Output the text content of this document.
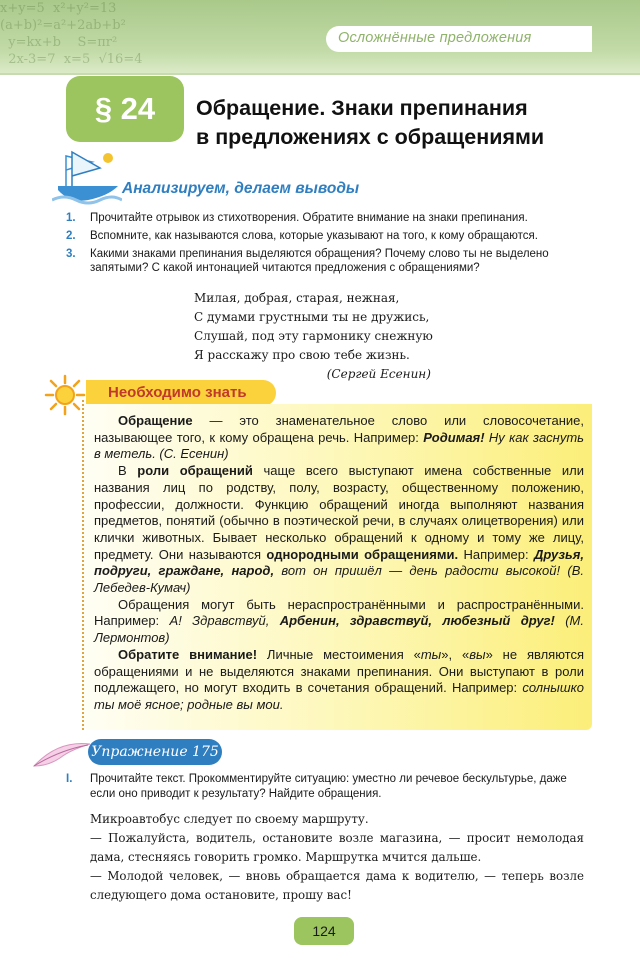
x+y=5  x²+y²=13
(a+b)²=a²+2ab+b²
y=kx+b    S=πr²
2x-3=7  x=5  √16=4
Осложнённые предложения
§ 24	Обращение. Знаки препинания
в предложениях с обращениями
Анализируем, делаем выводы
1. Прочитайте отрывок из стихотворения. Обратите внимание на знаки препинания.
2. Вспомните, как называются слова, которые указывают на того, к кому обращаются.
3. Какими знаками препинания выделяются обращения? Почему слово ты не выделено запятыми? С какой интонацией читаются предложения с обращениями?
Милая, добрая, старая, нежная,
С думами грустными ты не дружись,
Слушай, под эту гармонику снежную
Я расскажу про свою тебе жизнь.
(Сергей Есенин)
Необходимо знать

Обращение — это знаменательное слово или словосочетание, называющее того, к кому обращена речь. Например: Родимая! Ну как заснуть в метель. (С. Есенин)

В роли обращений чаще всего выступают имена собственные или названия лиц по родству, полу, возрасту, общественному положению, профессии, должности. Функцию обращений иногда выполняют названия предметов, понятий (обычно в поэтической речи, в случаях олицетворения) или клички животных. Бывает несколько обращений к одному и тому же лицу, предмету. Они называются однородными обращениями. Например: Друзья, подруги, граждане, народ, вот он пришёл — день радости высокой! (В. Лебедев-Кумач)

Обращения могут быть нераспространёнными и распространёнными. Например: А! Здравствуй, Арбенин, здравствуй, любезный друг! (М. Лермонтов)

Обратите внимание! Личные местоимения «ты», «вы» не являются обращениями и не выделяются знаками препинания. Они выступают в роли подлежащего, но могут входить в сочетания обращений. Например: солнышко ты моё ясное; родные вы мои.

Упражнение 175
I.	Прочитайте текст. Прокомментируйте ситуацию: уместно ли речевое бескультурье, даже если оно приводит к результату? Найдите обращения.

Микроавтобус следует по своему маршруту.

— Пожалуйста, водитель, остановите возле магазина, — просит немолодая дама, стесняясь говорить громко. Маршрутка мчится дальше.

— Молодой человек, — вновь обращается дама к водителю, — теперь возле следующего дома остановите, прошу вас!

124
